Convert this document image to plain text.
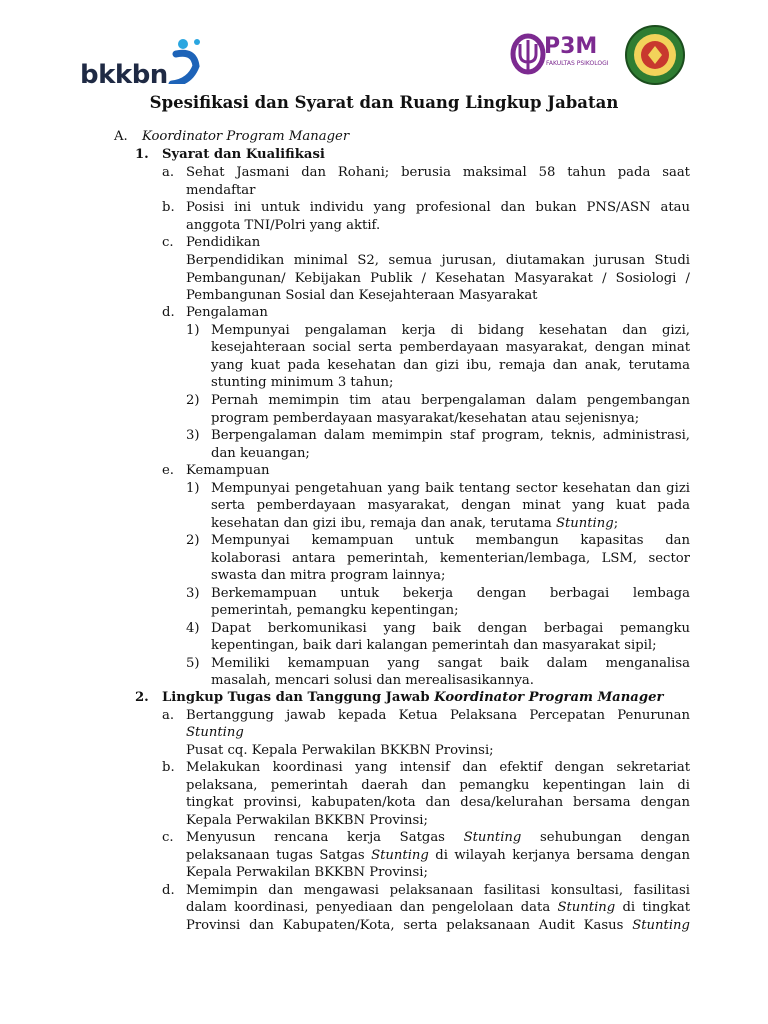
bkkbn
P3M
FAKULTAS PSIKOLOGI
Spesifikasi dan Syarat dan Ruang Lingkup Jabatan
A. Koordinator Program Manager
1. Syarat dan Kualifikasi
a. Sehat Jasmani dan Rohani; berusia maksimal 58 tahun pada saat
mendaftar
b. Posisi ini untuk individu yang profesional dan bukan PNS/ASN atau
anggota TNI/Polri yang aktif.
c. Pendidikan
Berpendidikan minimal S2, semua jurusan, diutamakan jurusan Studi
Pembangunan/ Kebijakan Publik / Kesehatan Masyarakat / Sosiologi /
Pembangunan Sosial dan Kesejahteraan Masyarakat
d. Pengalaman
1) Mempunyai pengalaman kerja di bidang kesehatan dan gizi,
kesejahteraan social serta pemberdayaan masyarakat, dengan minat
yang kuat pada kesehatan dan gizi ibu, remaja dan anak, terutama
stunting minimum 3 tahun;
2) Pernah memimpin tim atau berpengalaman dalam pengembangan
program pemberdayaan masyarakat/kesehatan atau sejenisnya;
3) Berpengalaman dalam memimpin staf program, teknis, administrasi,
dan keuangan;
e. Kemampuan
1) Mempunyai pengetahuan yang baik tentang sector kesehatan dan gizi
serta pemberdayaan masyarakat, dengan minat yang kuat pada
kesehatan dan gizi ibu, remaja dan anak, terutama Stunting;
2) Mempunyai kemampuan untuk membangun kapasitas dan
kolaborasi antara pemerintah, kementerian/lembaga, LSM, sector
swasta dan mitra program lainnya;
3) Berkemampuan untuk bekerja dengan berbagai lembaga
pemerintah, pemangku kepentingan;
4) Dapat berkomunikasi yang baik dengan berbagai pemangku
kepentingan, baik dari kalangan pemerintah dan masyarakat sipil;
5) Memiliki kemampuan yang sangat baik dalam menganalisa
masalah, mencari solusi dan merealisasikannya.
2. Lingkup Tugas dan Tanggung Jawab Koordinator Program Manager
a. Bertanggung jawab kepada Ketua Pelaksana Percepatan Penurunan
Stunting
Pusat cq. Kepala Perwakilan BKKBN Provinsi;
b. Melakukan koordinasi yang intensif dan efektif dengan sekretariat
pelaksana, pemerintah daerah dan pemangku kepentingan lain di
tingkat provinsi, kabupaten/kota dan desa/kelurahan bersama dengan
Kepala Perwakilan BKKBN Provinsi;
c. Menyusun rencana kerja Satgas Stunting sehubungan dengan
pelaksanaan tugas Satgas Stunting di wilayah kerjanya bersama dengan
Kepala Perwakilan BKKBN Provinsi;
d. Memimpin dan mengawasi pelaksanaan fasilitasi konsultasi, fasilitasi
dalam koordinasi, penyediaan dan pengelolaan data Stunting di tingkat
Provinsi dan Kabupaten/Kota, serta pelaksanaan Audit Kasus Stunting
